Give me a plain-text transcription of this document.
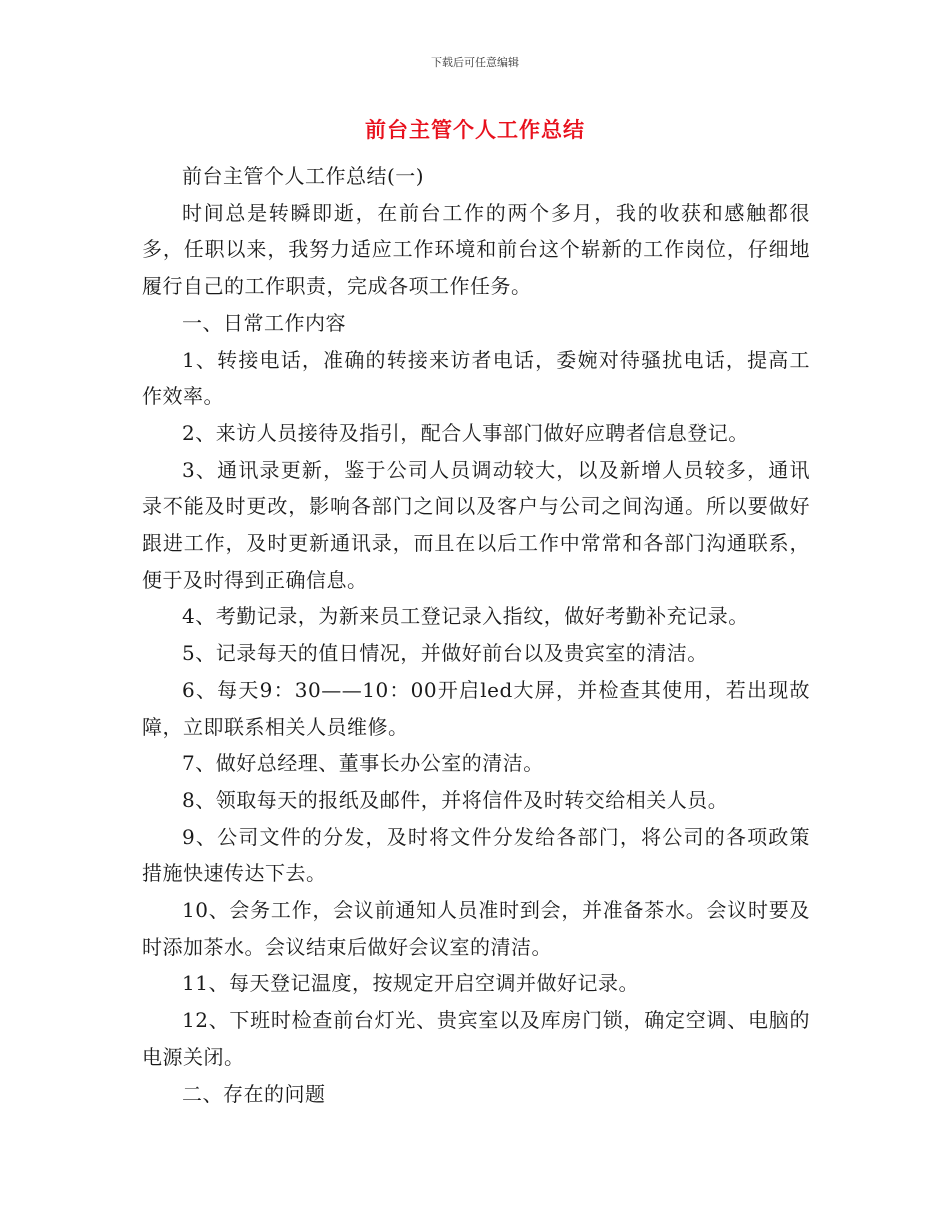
下载后可任意编辑
前台主管个人工作总结

前台主管个人工作总结(一)

时间总是转瞬即逝，在前台工作的两个多月，我的收获和感触都很多，任职以来，我努力适应工作环境和前台这个崭新的工作岗位，仔细地履行自己的工作职责，完成各项工作任务。

一、日常工作内容

1、转接电话，准确的转接来访者电话，委婉对待骚扰电话，提高工作效率。

2、来访人员接待及指引，配合人事部门做好应聘者信息登记。

3、通讯录更新，鉴于公司人员调动较大，以及新增人员较多，通讯录不能及时更改，影响各部门之间以及客户与公司之间沟通。所以要做好跟进工作，及时更新通讯录，而且在以后工作中常常和各部门沟通联系，便于及时得到正确信息。

4、考勤记录，为新来员工登记录入指纹，做好考勤补充记录。

5、记录每天的值日情况，并做好前台以及贵宾室的清洁。

6、每天9：30——10：00开启led大屏，并检查其使用，若出现故障，立即联系相关人员维修。

7、做好总经理、董事长办公室的清洁。

8、领取每天的报纸及邮件，并将信件及时转交给相关人员。

9、公司文件的分发，及时将文件分发给各部门，将公司的各项政策措施快速传达下去。

10、会务工作，会议前通知人员准时到会，并准备茶水。会议时要及时添加茶水。会议结束后做好会议室的清洁。

11、每天登记温度，按规定开启空调并做好记录。

12、下班时检查前台灯光、贵宾室以及库房门锁，确定空调、电脑的电源关闭。

二、存在的问题
